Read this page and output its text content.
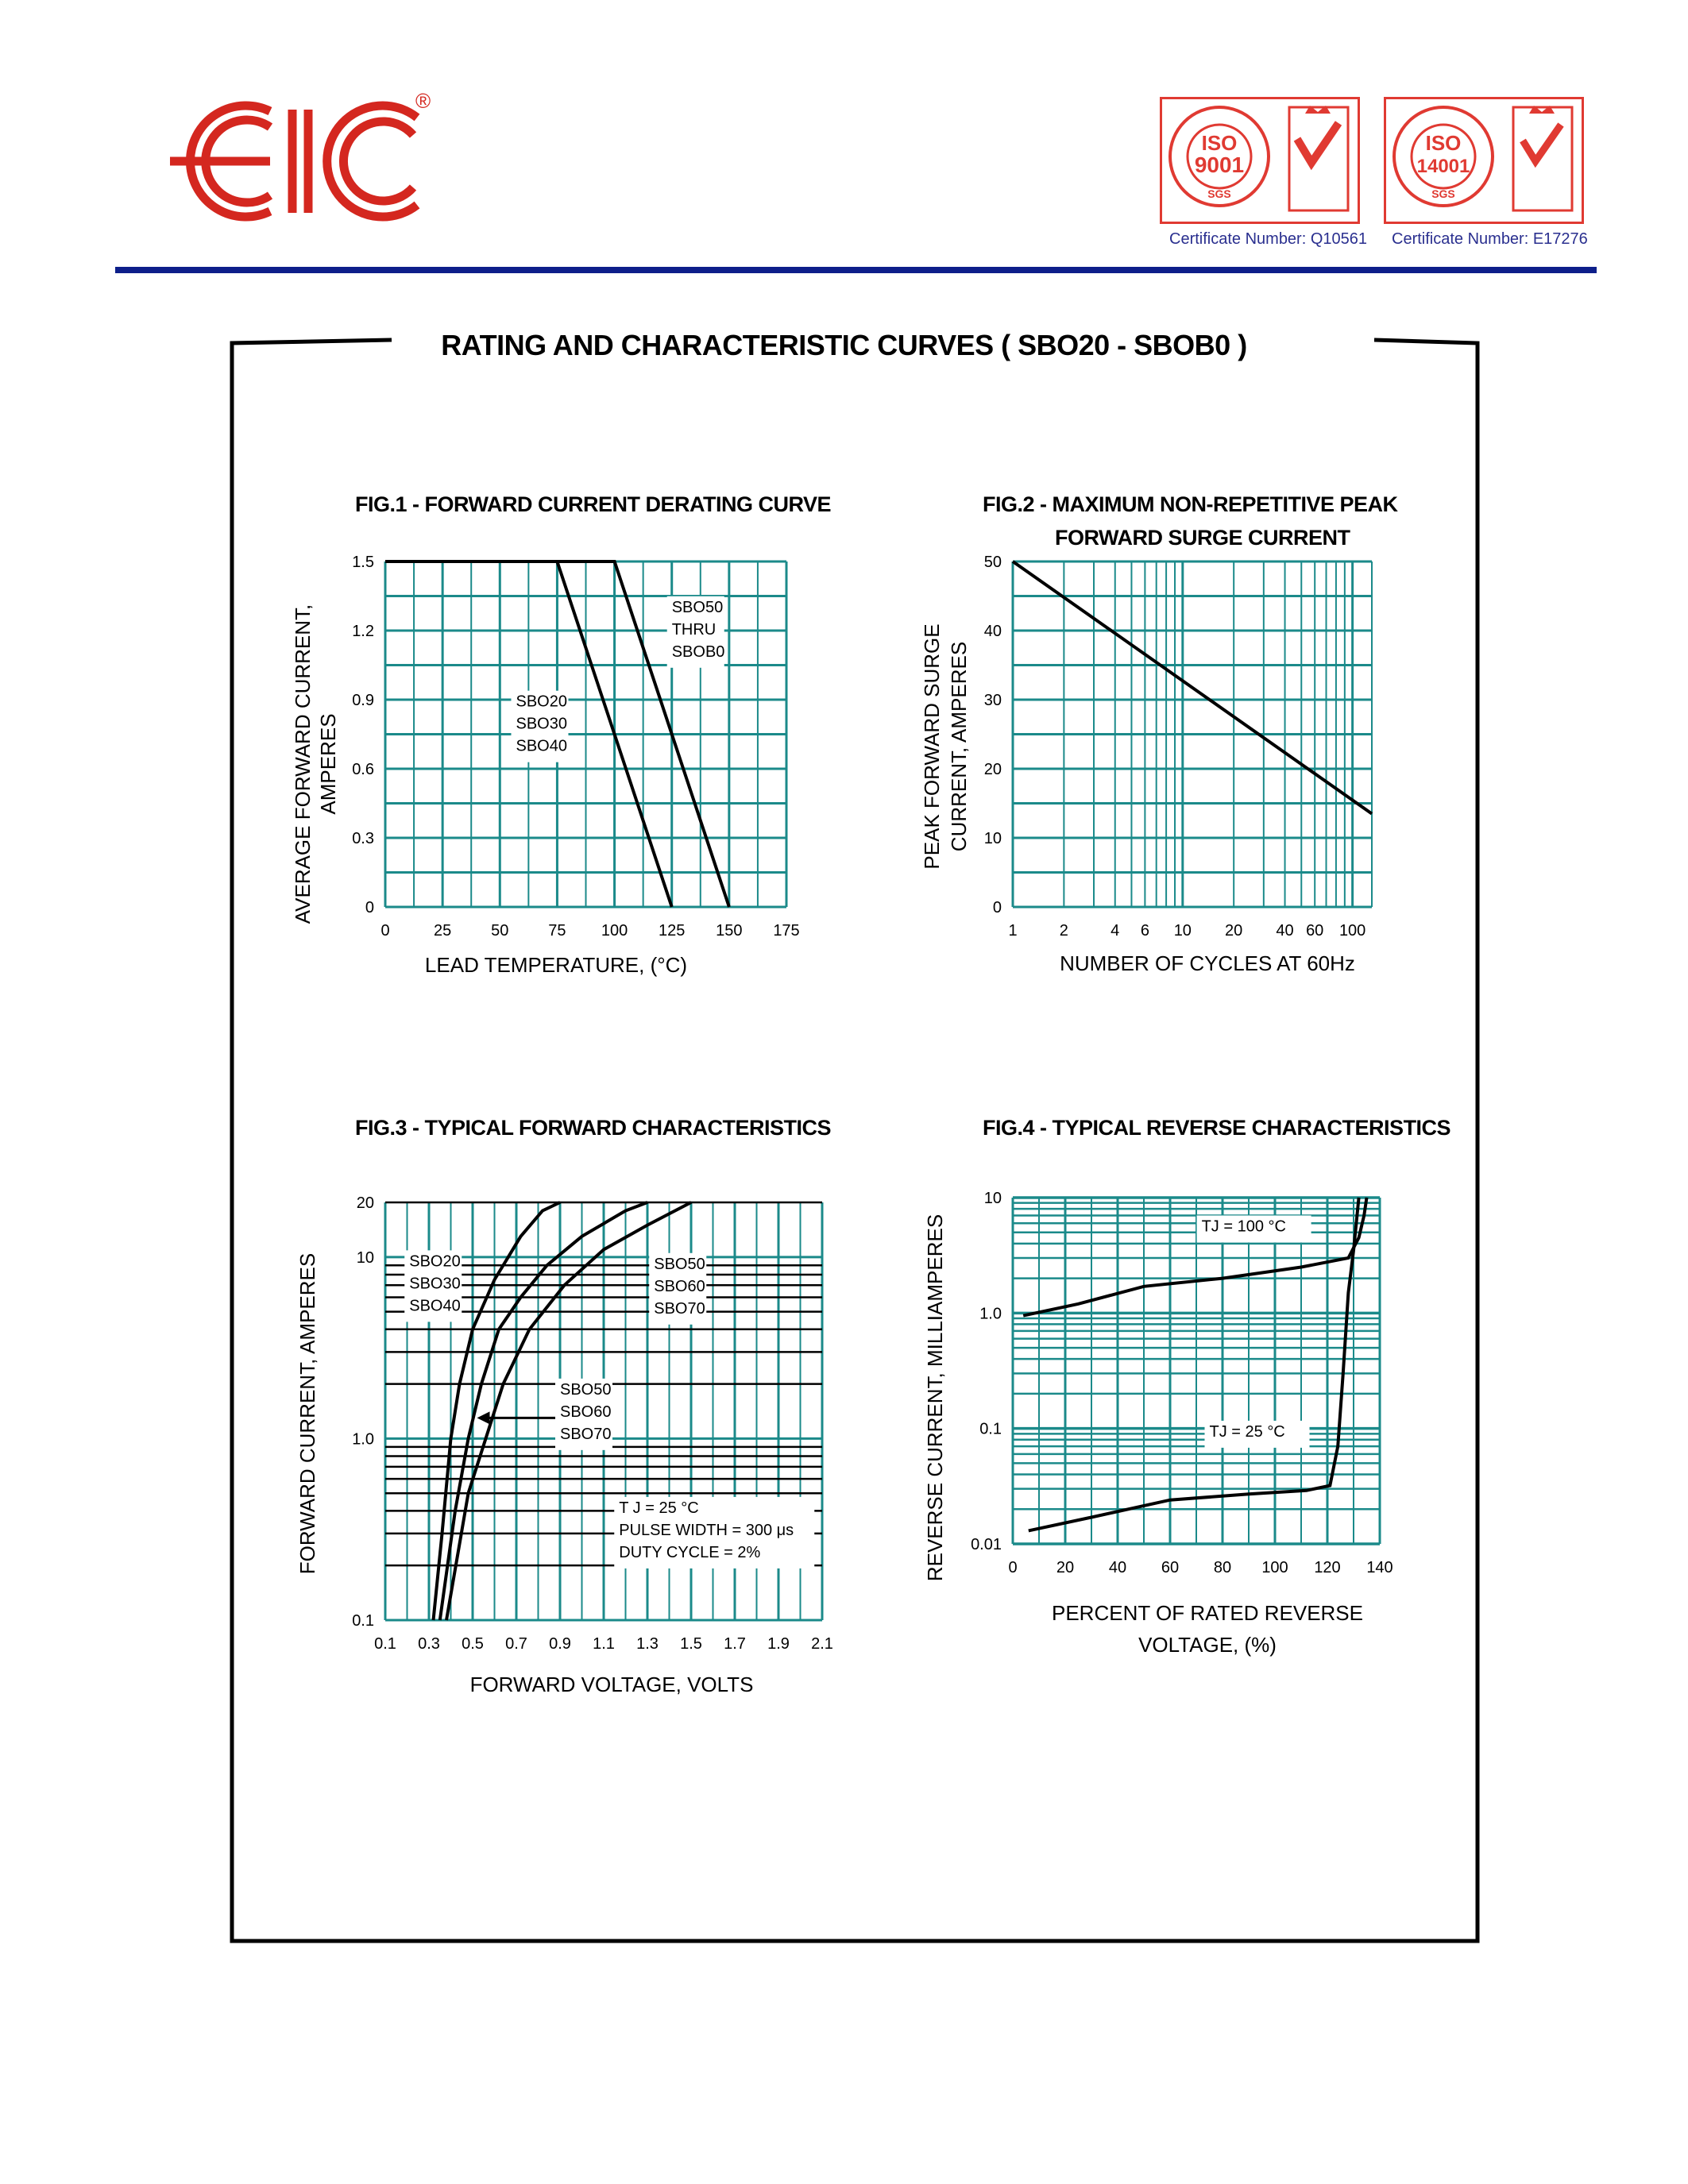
®
ISO
9001
SGS
ISO
14001
SGS
Certificate Number: Q10561 Certificate Number: E17276
RATING AND CHARACTERISTIC CURVES ( SBO20 - SBOB0 )
FIG.1 - FORWARD CURRENT DERATING CURVE	FIG.2 - MAXIMUM NON-REPETITIVE PEAK
FORWARD SURGE CURRENT
FIG.3 - TYPICAL FORWARD CHARACTERISTICS	FIG.4 - TYPICAL REVERSE CHARACTERISTICS
0	25 50 75 100 125 150 175
0
0.3
0.6
0.9
1.2
1.5
SBO20
SBO30
SBO40
SBO50
THRU
SBOB0
LEAD TEMPERATURE, (°C)
AVERAGE FORWARD CURRENT, AMPERES
1	2	4 6 10 20 40 60 100
0
10
20
30
40
50
NUMBER OF CYCLES AT 60Hz
PEAK FORWARD SURGE CURRENT, AMPERES
0.1 0.3 0.5 0.7 0.9 1.1 1.3 1.5 1.7 1.9 2.1
0.1
1.0
10
20
SBO20
SBO30
SBO40
SBO50
SBO60
SBO70
SBO50
SBO60
SBO70
T J = 25 °C
PULSE WIDTH = 300 μs
DUTY CYCLE = 2%
FORWARD VOLTAGE, VOLTS
FORWARD CURRENT, AMPERES	0 20 40 60 80 100 120 140
0.01
0.1
1.0
10
TJ = 100 °C
TJ = 25 °C
PERCENT OF RATED REVERSE
VOLTAGE, (%)
REVERSE CURRENT, MILLIAMPERES
